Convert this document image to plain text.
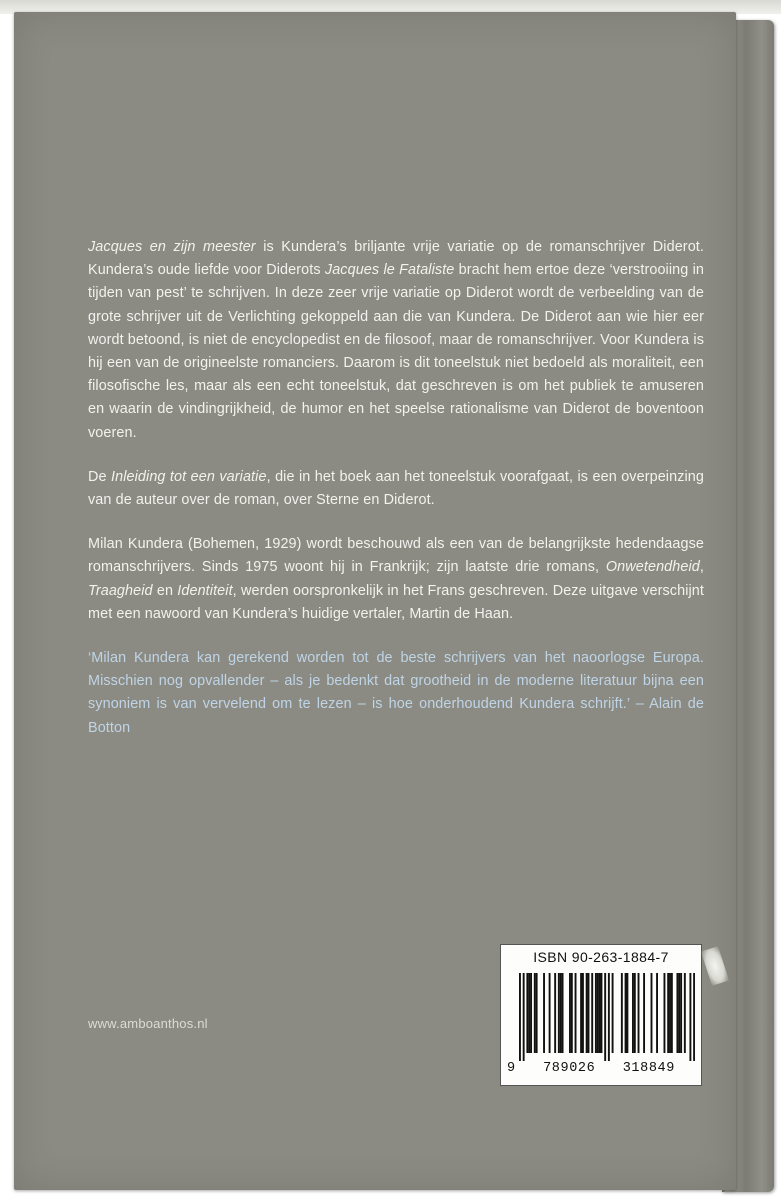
Jacques en zijn meester is Kundera’s briljante vrije variatie op de romanschrijver Diderot. Kundera’s oude liefde voor Diderots Jacques le Fataliste bracht hem ertoe deze ‘verstrooiing in tijden van pest’ te schrijven. In deze zeer vrije variatie op Diderot wordt de verbeelding van de grote schrijver uit de Verlichting gekoppeld aan die van Kundera. De Diderot aan wie hier eer wordt betoond, is niet de encyclopedist en de filosoof, maar de romanschrijver. Voor Kundera is hij een van de origineelste romanciers. Daarom is dit toneelstuk niet bedoeld als moraliteit, een filosofische les, maar als een echt toneelstuk, dat geschreven is om het publiek te amuseren en waarin de vindingrijkheid, de humor en het speelse rationalisme van Diderot de boventoon voeren.

De Inleiding tot een variatie, die in het boek aan het toneelstuk voorafgaat, is een overpeinzing van de auteur over de roman, over Sterne en Diderot.

Milan Kundera (Bohemen, 1929) wordt beschouwd als een van de belangrijkste hedendaagse romanschrijvers. Sinds 1975 woont hij in Frankrijk; zijn laatste drie romans, Onwetendheid, Traagheid en Identiteit, werden oorspronkelijk in het Frans geschreven. Deze uitgave verschijnt met een nawoord van Kundera’s huidige vertaler, Martin de Haan.

‘Milan Kundera kan gerekend worden tot de beste schrijvers van het naoorlogse Europa. Misschien nog opvallender – als je bedenkt dat grootheid in de moderne literatuur bijna een synoniem is van vervelend om te lezen – is hoe onderhoudend Kundera schrijft.’ – Alain de Botton

www.amboanthos.nl
ISBN 90-263-1884-7
9 789026 318849
